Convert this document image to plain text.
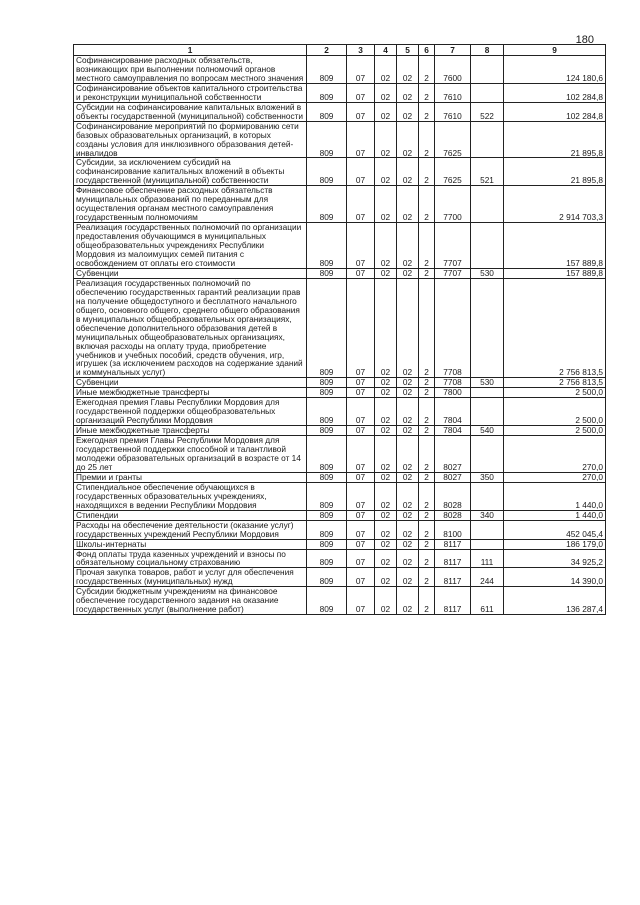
180
1	2	3	4	5	6	7	8	9
Софинансирование расходных обязательств, возникающих при выполнении полномочий органов местного самоуправления по вопросам местного значения	809	07	02	02	2	7600		124 180,6
Софинансирование объектов капитального строительства и реконструкции муниципальной собственности	809	07	02	02	2	7610		102 284,8
Субсидии на софинансирование капитальных вложений в объекты государственной (муниципальной) собственности	809	07	02	02	2	7610	522	102 284,8
Софинансирование мероприятий по формированию сети базовых образовательных организаций, в которых созданы условия для инклюзивного образования детей-инвалидов	809	07	02	02	2	7625		21 895,8
Субсидии, за исключением субсидий на софинансирование капитальных вложений в объекты государственной (муниципальной) собственности	809	07	02	02	2	7625	521	21 895,8
Финансовое обеспечение расходных обязательств муниципальных образований по переданным для осуществления органам местного самоуправления государственным полномочиям	809	07	02	02	2	7700		2 914 703,3
Реализация государственных полномочий по организации предоставления обучающимся в муниципальных общеобразовательных учреждениях Республики Мордовия из малоимущих семей питания с освобождением от оплаты его стоимости	809	07	02	02	2	7707		157 889,8
Субвенции	809	07	02	02	2	7707	530	157 889,8
Реализация государственных полномочий по обеспечению государственных гарантий реализации прав на получение общедоступного и бесплатного начального общего, основного общего, среднего общего образования в муниципальных общеобразовательных организациях, обеспечение дополнительного образования детей в муниципальных общеобразовательных организациях, включая расходы на оплату труда, приобретение учебников и учебных пособий, средств обучения, игр, игрушек (за исключением расходов на содержание зданий и коммунальных услуг)	809	07	02	02	2	7708		2 756 813,5
Субвенции	809	07	02	02	2	7708	530	2 756 813,5
Иные межбюджетные трансферты	809	07	02	02	2	7800		2 500,0
Ежегодная премия Главы Республики Мордовия для государственной поддержки общеобразовательных организаций Республики Мордовия	809	07	02	02	2	7804		2 500,0
Иные межбюджетные трансферты	809	07	02	02	2	7804	540	2 500,0
Ежегодная премия Главы Республики Мордовия для государственной поддержки способной и талантливой молодежи образовательных организаций в возрасте от 14 до 25 лет	809	07	02	02	2	8027		270,0
Премии и гранты	809	07	02	02	2	8027	350	270,0
Стипендиальное обеспечение обучающихся в государственных образовательных учреждениях, находящихся в ведении Республики Мордовия	809	07	02	02	2	8028		1 440,0
Стипендии	809	07	02	02	2	8028	340	1 440,0
Расходы на обеспечение деятельности (оказание услуг) государственных учреждений Республики Мордовия	809	07	02	02	2	8100		452 045,4
Школы-интернаты	809	07	02	02	2	8117		186 179,0
Фонд оплаты труда казенных учреждений и взносы по обязательному социальному страхованию	809	07	02	02	2	8117	111	34 925,2
Прочая закупка товаров, работ и услуг для обеспечения государственных (муниципальных) нужд	809	07	02	02	2	8117	244	14 390,0
Субсидии бюджетным учреждениям на финансовое обеспечение государственного задания на оказание государственных услуг (выполнение работ)	809	07	02	02	2	8117	611	136 287,4
